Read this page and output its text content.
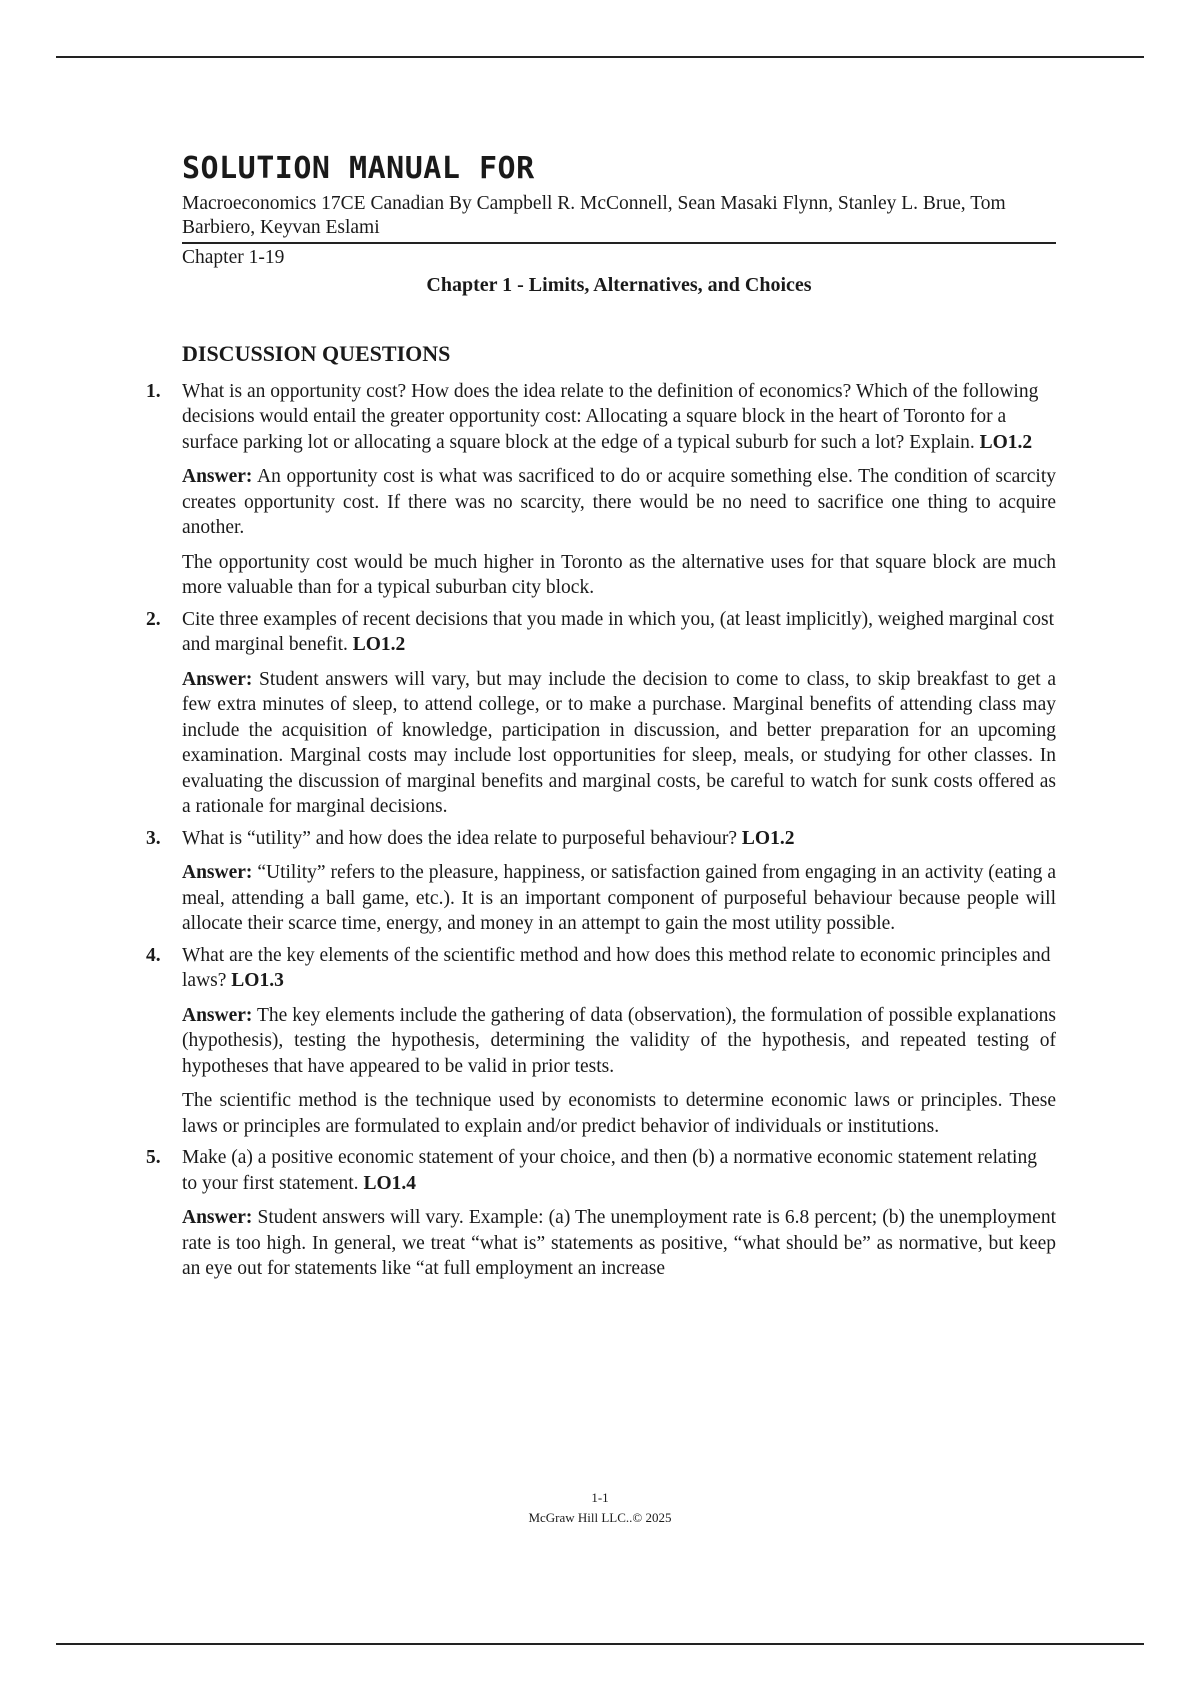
SOLUTION MANUAL FOR
Macroeconomics 17CE Canadian By Campbell R. McConnell, Sean Masaki Flynn, Stanley L. Brue, Tom Barbiero, Keyvan Eslami
Chapter 1-19
Chapter 1 - Limits, Alternatives, and Choices
DISCUSSION QUESTIONS
1. What is an opportunity cost? How does the idea relate to the definition of economics? Which of the following decisions would entail the greater opportunity cost: Allocating a square block in the heart of Toronto for a surface parking lot or allocating a square block at the edge of a typical suburb for such a lot? Explain. LO1.2
Answer: An opportunity cost is what was sacrificed to do or acquire something else. The condition of scarcity creates opportunity cost. If there was no scarcity, there would be no need to sacrifice one thing to acquire another.
The opportunity cost would be much higher in Toronto as the alternative uses for that square block are much more valuable than for a typical suburban city block.
2. Cite three examples of recent decisions that you made in which you, (at least implicitly), weighed marginal cost and marginal benefit. LO1.2
Answer: Student answers will vary, but may include the decision to come to class, to skip breakfast to get a few extra minutes of sleep, to attend college, or to make a purchase. Marginal benefits of attending class may include the acquisition of knowledge, participation in discussion, and better preparation for an upcoming examination. Marginal costs may include lost opportunities for sleep, meals, or studying for other classes. In evaluating the discussion of marginal benefits and marginal costs, be careful to watch for sunk costs offered as a rationale for marginal decisions.
3. What is “utility” and how does the idea relate to purposeful behaviour? LO1.2
Answer: “Utility” refers to the pleasure, happiness, or satisfaction gained from engaging in an activity (eating a meal, attending a ball game, etc.). It is an important component of purposeful behaviour because people will allocate their scarce time, energy, and money in an attempt to gain the most utility possible.
4. What are the key elements of the scientific method and how does this method relate to economic principles and laws? LO1.3
Answer: The key elements include the gathering of data (observation), the formulation of possible explanations (hypothesis), testing the hypothesis, determining the validity of the hypothesis, and repeated testing of hypotheses that have appeared to be valid in prior tests.
The scientific method is the technique used by economists to determine economic laws or principles. These laws or principles are formulated to explain and/or predict behavior of individuals or institutions.
5. Make (a) a positive economic statement of your choice, and then (b) a normative economic statement relating to your first statement. LO1.4
Answer: Student answers will vary. Example: (a) The unemployment rate is 6.8 percent; (b) the unemployment rate is too high. In general, we treat “what is” statements as positive, “what should be” as normative, but keep an eye out for statements like “at full employment an increase
1-1
McGraw Hill LLC..© 2025
